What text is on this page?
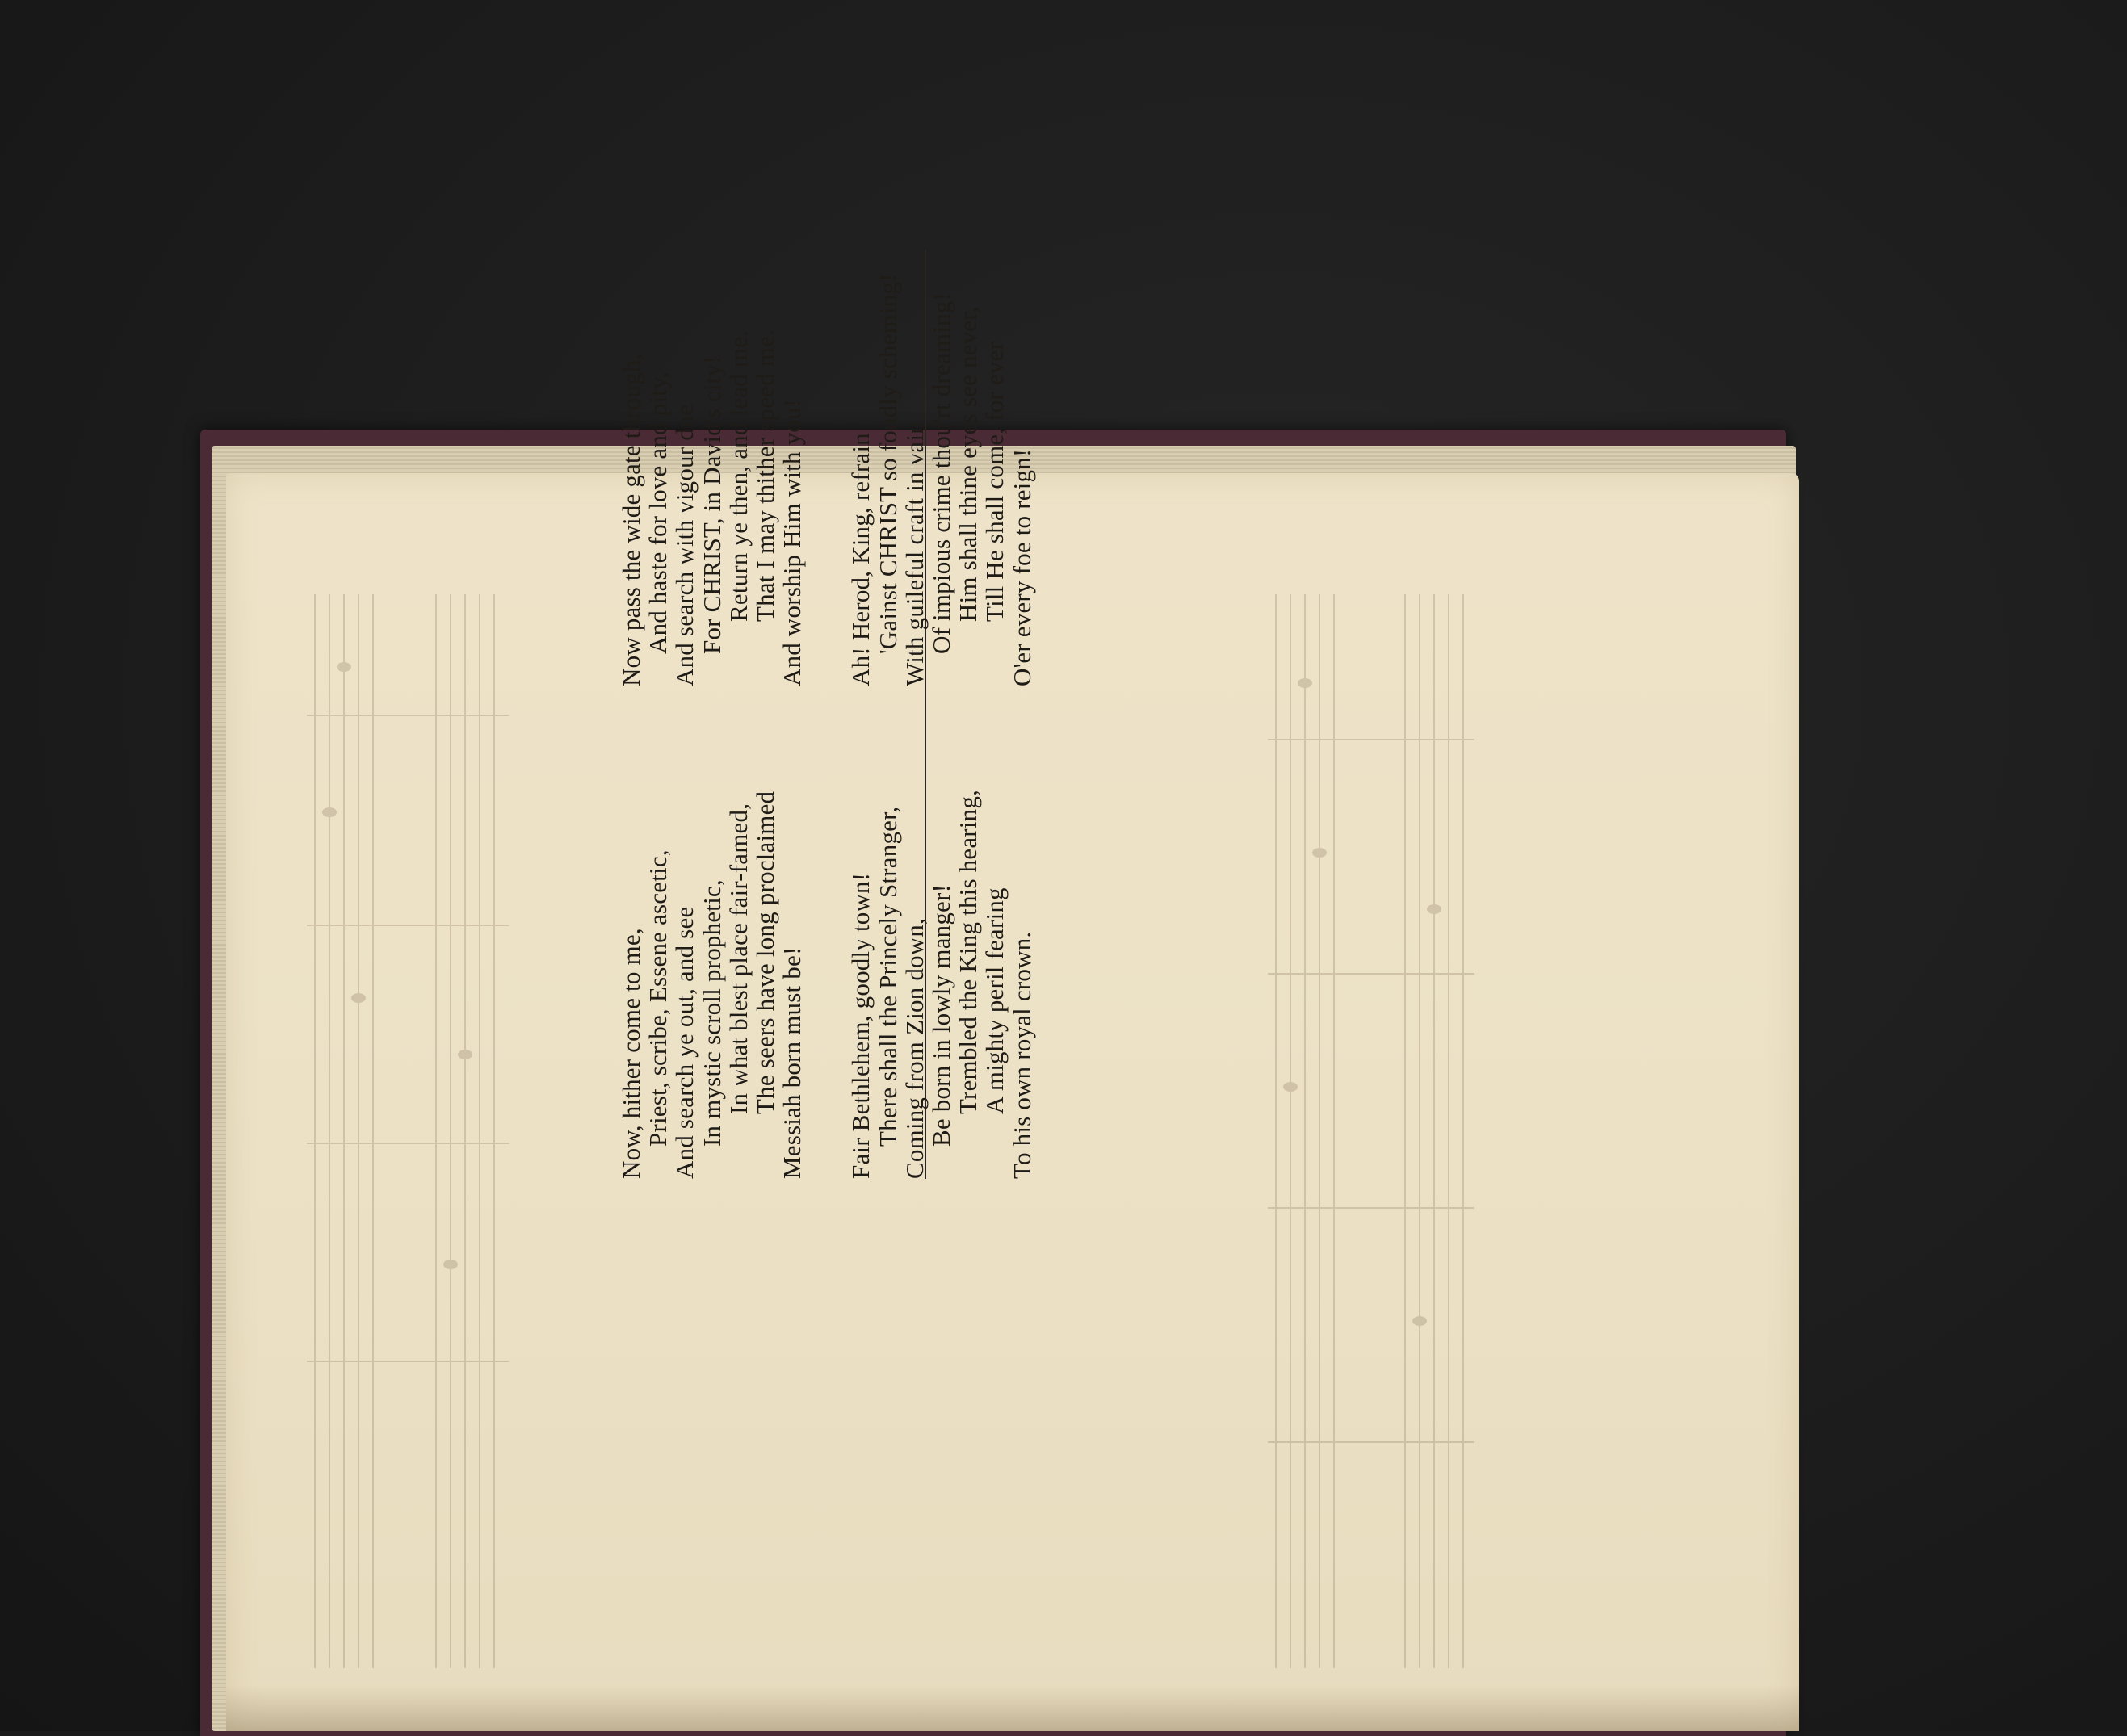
Now, hither come to me,
Priest, scribe, Essene ascetic,
And search ye out, and see
In mystic scroll prophetic,
In what blest place fair-famed,
The seers have long proclaimed
Messiah born must be! Fair Bethlehem, goodly town!
There shall the Princely Stranger,
Coming from Zion down,
Be born in lowly manger!
Trembled the King this hearing,
A mighty peril fearing
To his own royal crown.
Now pass the wide gate through,
And haste for love and pity,
And search with vigour due
For CHRIST, in David's city!
Return ye then, and lead me.
That I may thither speed me.
And worship Him with you! Ah! Herod, King, refrain
'Gainst CHRIST so fondly scheming!
With guileful craft in vain
Of impious crime thou'rt dreaming!
Him shall thine eyes see never,
Till He shall come, for ever
O'er every foe to reign!
